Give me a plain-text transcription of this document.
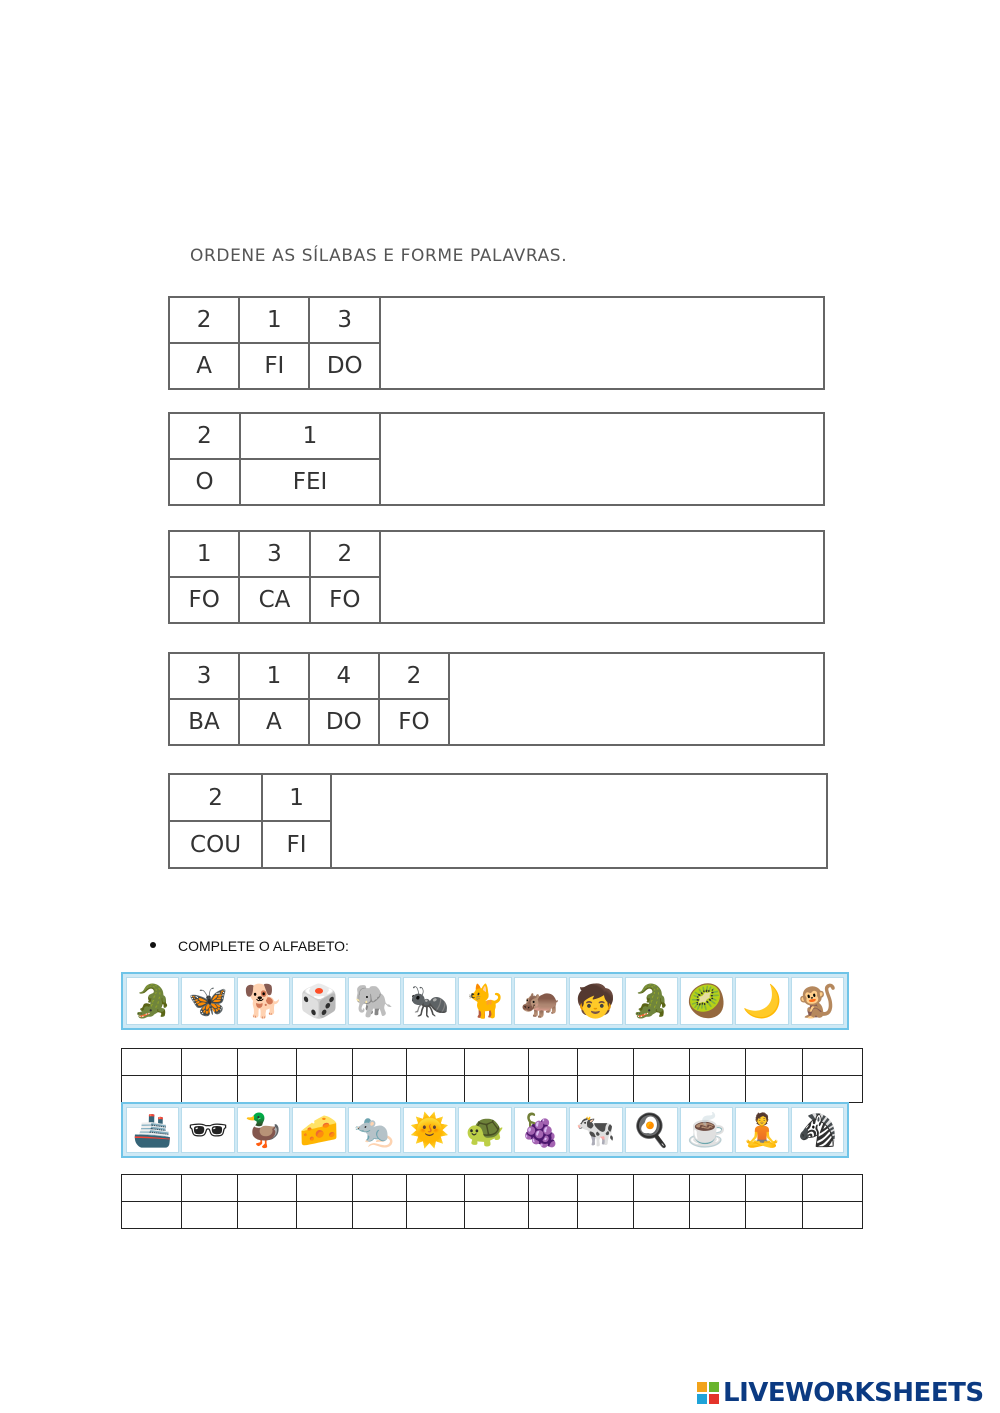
ORDENE AS SÍLABAS E FORME PALAVRAS.
2	1	3
A	FI	DO
2	1
O	FEI
1	3	2
FO	CA	FO
3	1	4	2
BA	A	DO	FO
2	1
COU	FI
COMPLETE O ALFABETO:
🐊 🦋 🐕 🎲 🐘 🐜 🐈 🦛 🧒 🐊 🥝 🌙 🐒

🚢 🕶 🦆 🧀 🐀 🌞 🐢 🍇 🐄 🍳 ☕ 🧘 🦓

LIVEWORKSHEETS
